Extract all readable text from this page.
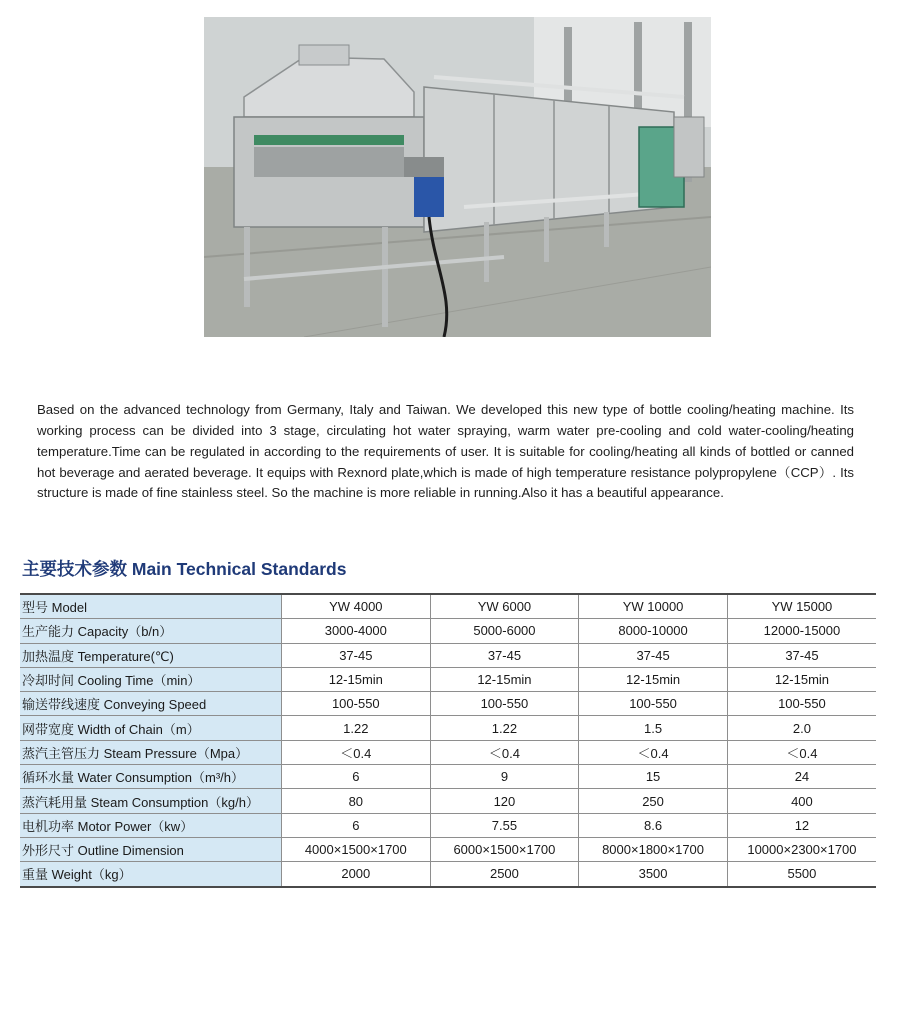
Based on the advanced technology from Germany, Italy and Taiwan. We developed this new type of bottle cooling/heating machine. Its working process can be divided into 3 stage, circulating hot water spraying, warm water pre-cooling and cold water-cooling/heating temperature.Time can be regulated in according to the requirements of user. It is suitable for cooling/heating all kinds of bottled or canned hot beverage and aerated beverage. It equips with Rexnord plate,which is made of high temperature resistance polypropylene（CCP）. Its structure is made of fine stainless steel. So the machine is more reliable in running.Also it has a beautiful appearance.

主要技术参数 Main Technical Standards
型号 Model	YW 4000	YW 6000	YW 10000	YW 15000
生产能力 Capacity（b/n）	3000-4000	5000-6000	8000-10000	12000-15000
加热温度 Temperature(℃)	37-45	37-45	37-45	37-45
冷却时间 Cooling Time（min）	12-15min	12-15min	12-15min	12-15min
输送带线速度 Conveying Speed	100-550	100-550	100-550	100-550
网带宽度 Width of Chain（m）	1.22	1.22	1.5	2.0
蒸汽主管压力 Steam Pressure（Mpa）	＜0.4	＜0.4	＜0.4	＜0.4
循环水量 Water Consumption（m³/h）	6	9	15	24
蒸汽耗用量 Steam Consumption（kg/h）	80	120	250	400
电机功率 Motor Power（kw）	6	7.55	8.6	12
外形尺寸 Outline Dimension	4000×1500×1700	6000×1500×1700	8000×1800×1700	10000×2300×1700
重量 Weight（kg）	2000	2500	3500	5500
